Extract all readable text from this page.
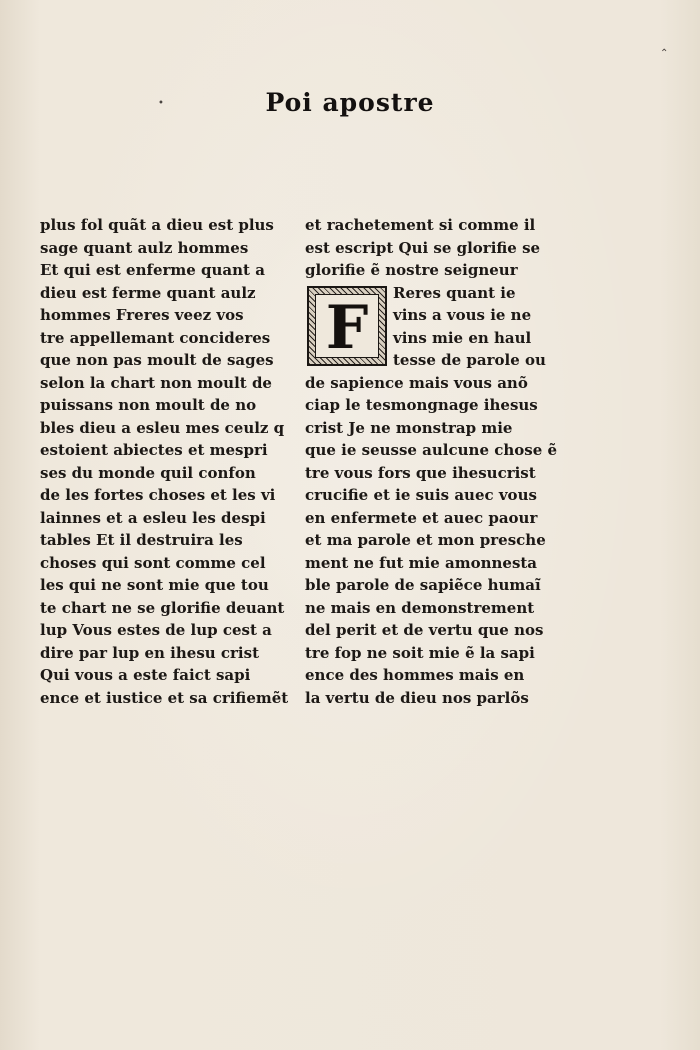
•
⌃
Poi apostre
plus fol quãt a dieu est plus
sage quant aulz hommes
Et qui est enferme quant a
dieu est ferme quant aulz
hommes Freres veez vos
tre appellemant concideres
que non pas moult de sages
selon la chart non moult de
puissans non moult de no
bles dieu a esleu mes ceulz q
estoient abiectes et mespri
ses du monde quil confon
de les fortes choses et les vi
lainnes et a esleu les despi
tables Et il destruira les
choses qui sont comme cel
les qui ne sont mie que tou
te chart ne se glorifie deuant
lup Vous estes de lup cest a
dire par lup en ihesu crist
Qui vous a este faict sapi
ence et iustice et sa crifiemẽt
et rachetement si comme il
est escript Qui se glorifie se
glorifie ẽ nostre seigneur
Reres quant ie
vins a vous ie ne
vins mie en haul
tesse de parole ou
de sapience mais vous anõ
ciap le tesmongnage ihesus
crist Je ne monstrap mie
que ie seusse aulcune chose ẽ
tre vous fors que ihesucrist
crucifie et ie suis auec vous
en enfermete et auec paour
et ma parole et mon presche
ment ne fut mie amonnesta
ble parole de sapiẽce humaĩ
ne mais en demonstrement
del perit et de vertu que nos
tre fop ne soit mie ẽ la sapi
ence des hommes mais en
la vertu de dieu nos parlõs
F
